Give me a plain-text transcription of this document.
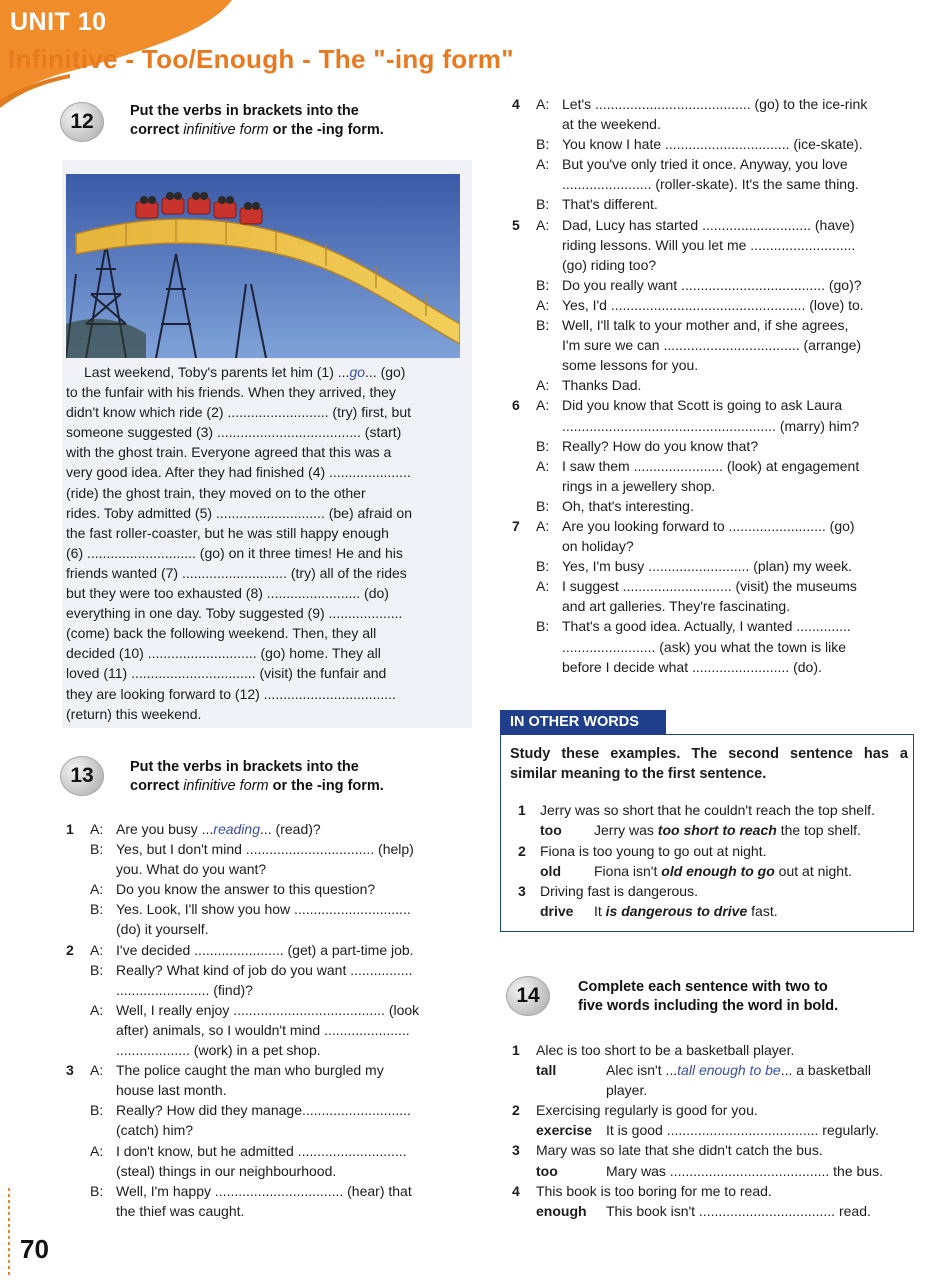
UNIT 10
Infinitive - Too/Enough - The "-ing form"
12	Put the verbs in brackets into the
correct infinitive form or the -ing form.
Last weekend, Toby's parents let him (1) ...go... (go)
to the funfair with his friends. When they arrived, they
didn't know which ride (2) .......................... (try) first, but
someone suggested (3) ..................................... (start)
with the ghost train. Everyone agreed that this was a
very good idea. After they had finished (4) .....................
(ride) the ghost train, they moved on to the other
rides. Toby admitted (5) ............................ (be) afraid on
the fast roller-coaster, but he was still happy enough
(6) ............................ (go) on it three times! He and his
friends wanted (7) ........................... (try) all of the rides
but they were too exhausted (8) ........................ (do)
everything in one day. Toby suggested (9) ...................
(come) back the following weekend. Then, they all
decided (10) ............................ (go) home. They all
loved (11) ................................ (visit) the funfair and
they are looking forward to (12) ..................................
(return) this weekend.
13	Put the verbs in brackets into the
correct infinitive form or the -ing form.
1 A: Are you busy ...reading... (read)?
B: Yes, but I don't mind ................................. (help)
you. What do you want?
A: Do you know the answer to this question?
B: Yes. Look, I'll show you how ..............................
(do) it yourself.
2 A: I've decided ....................... (get) a part-time job.
B: Really? What kind of job do you want ................
........................ (find)?
A: Well, I really enjoy ....................................... (look
after) animals, so I wouldn't mind ......................
................... (work) in a pet shop.
3 A: The police caught the man who burgled my
house last month.
B: Really? How did they manage............................
(catch) him?
A: I don't know, but he admitted ............................
(steal) things in our neighbourhood.
B: Well, I'm happy ................................. (hear) that
the thief was caught.
4 A: Let's ........................................ (go) to the ice-rink
at the weekend.
B: You know I hate ................................ (ice-skate).
A: But you've only tried it once. Anyway, you love
....................... (roller-skate). It's the same thing.
B: That's different.
5 A: Dad, Lucy has started ............................ (have)
riding lessons. Will you let me ...........................
(go) riding too?
B: Do you really want ..................................... (go)?
A: Yes, I'd .................................................. (love) to.
B: Well, I'll talk to your mother and, if she agrees,
I'm sure we can ................................... (arrange)
some lessons for you.
A: Thanks Dad.
6 A: Did you know that Scott is going to ask Laura
....................................................... (marry) him?
B: Really? How do you know that?
A: I saw them ....................... (look) at engagement
rings in a jewellery shop.
B: Oh, that's interesting.
7 A: Are you looking forward to ......................... (go)
on holiday?
B: Yes, I'm busy .......................... (plan) my week.
A: I suggest ............................ (visit) the museums
and art galleries. They're fascinating.
B: That's a good idea. Actually, I wanted ..............
........................ (ask) you what the town is like
before I decide what ......................... (do).
IN OTHER WORDS
Study these examples. The second sentence has a similar meaning to the first sentence.
1 Jerry was so short that he couldn't reach the top shelf.
too Jerry was too short to reach the top shelf.
2 Fiona is too young to go out at night.
old Fiona isn't old enough to go out at night.
3 Driving fast is dangerous.
drive It is dangerous to drive fast.
14	Complete each sentence with two to
five words including the word in bold.
1 Alec is too short to be a basketball player.
tall	Alec isn't ...tall enough to be... a basketball
player.
2 Exercising regularly is good for you.
exercise It is good ....................................... regularly.
3 Mary was so late that she didn't catch the bus.
too	Mary was ......................................... the bus.
4 This book is too boring for me to read.
enough This book isn't ................................... read.
70
